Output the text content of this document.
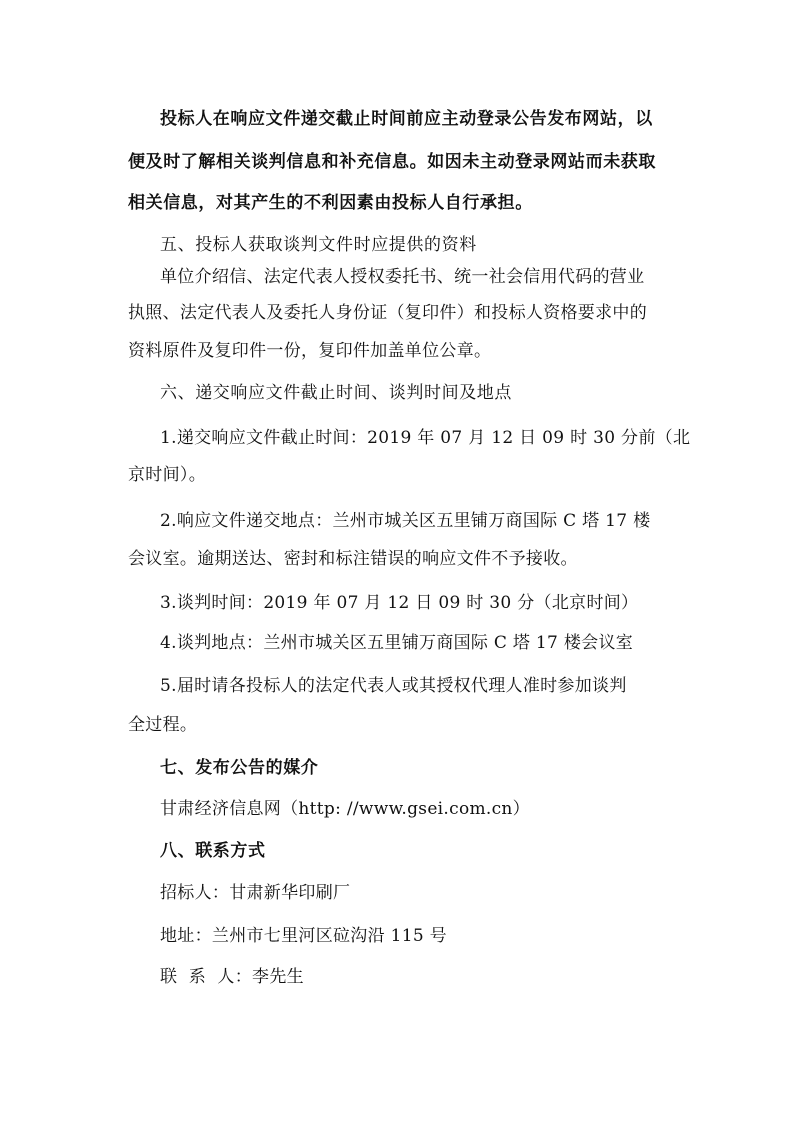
投标人在响应文件递交截止时间前应主动登录公告发布网站，以
便及时了解相关谈判信息和补充信息。如因未主动登录网站而未获取
相关信息，对其产生的不利因素由投标人自行承担。
五、投标人获取谈判文件时应提供的资料
单位介绍信、法定代表人授权委托书、统一社会信用代码的营业
执照、法定代表人及委托人身份证（复印件）和投标人资格要求中的
资料原件及复印件一份，复印件加盖单位公章。
六、递交响应文件截止时间、谈判时间及地点
1.递交响应文件截止时间：2019 年 07 月 12 日 09 时 30 分前（北
京时间）。
2.响应文件递交地点：兰州市城关区五里铺万商国际 C 塔 17 楼
会议室。逾期送达、密封和标注错误的响应文件不予接收。
3.谈判时间：2019 年 07 月 12 日 09 时 30 分（北京时间）
4.谈判地点：兰州市城关区五里铺万商国际 C 塔 17 楼会议室
5.届时请各投标人的法定代表人或其授权代理人准时参加谈判
全过程。
七、发布公告的媒介
甘肃经济信息网（http: //www.gsei.com.cn）
八、联系方式
招标人：甘肃新华印刷厂
地址：兰州市七里河区砬沟沿 115 号
联  系  人：李先生
